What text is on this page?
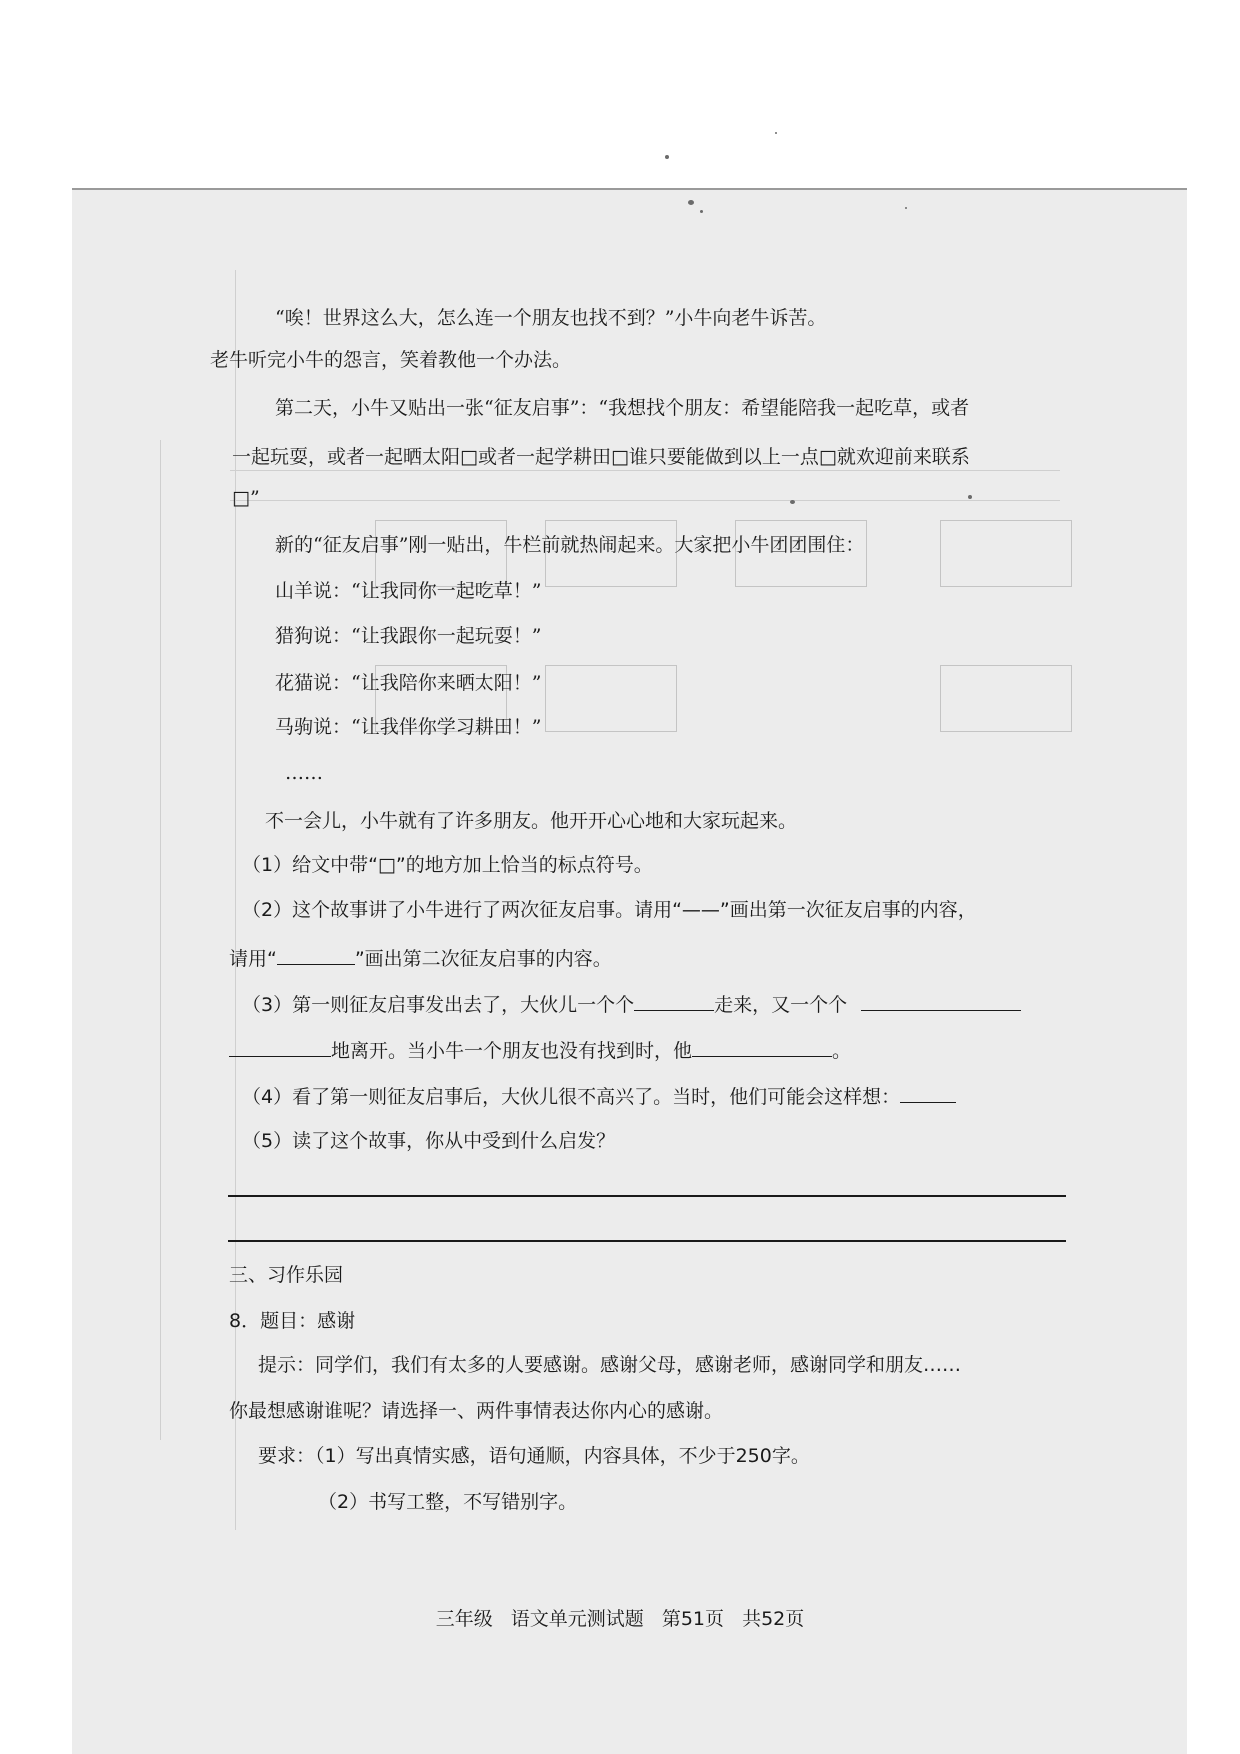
“唉！世界这么大，怎么连一个朋友也找不到？”小牛向老牛诉苦。
老牛听完小牛的怨言，笑着教他一个办法。
第二天，小牛又贴出一张“征友启事”：“我想找个朋友：希望能陪我一起吃草，或者
一起玩耍，或者一起晒太阳□或者一起学耕田□谁只要能做到以上一点□就欢迎前来联系
□”
新的“征友启事”刚一贴出，牛栏前就热闹起来。大家把小牛团团围住：
山羊说：“让我同你一起吃草！”
猎狗说：“让我跟你一起玩耍！”
花猫说：“让我陪你来晒太阳！”
马驹说：“让我伴你学习耕田！”
……
不一会儿，小牛就有了许多朋友。他开开心心地和大家玩起来。
（1）给文中带“□”的地方加上恰当的标点符号。
（2）这个故事讲了小牛进行了两次征友启事。请用“——”画出第一次征友启事的内容，
请用“	”画出第二次征友启事的内容。
（3）第一则征友启事发出去了，大伙儿一个个	走来，又一个个
地离开。当小牛一个朋友也没有找到时，他	。
（4）看了第一则征友启事后，大伙儿很不高兴了。当时，他们可能会这样想：
（5）读了这个故事，你从中受到什么启发？
三、习作乐园
8．题目：感谢
提示：同学们，我们有太多的人要感谢。感谢父母，感谢老师，感谢同学和朋友……
你最想感谢谁呢？请选择一、两件事情表达你内心的感谢。
要求：（1）写出真情实感，语句通顺，内容具体，不少于250字。
（2）书写工整，不写错别字。
三年级 语文单元测试题 第51页 共52页
